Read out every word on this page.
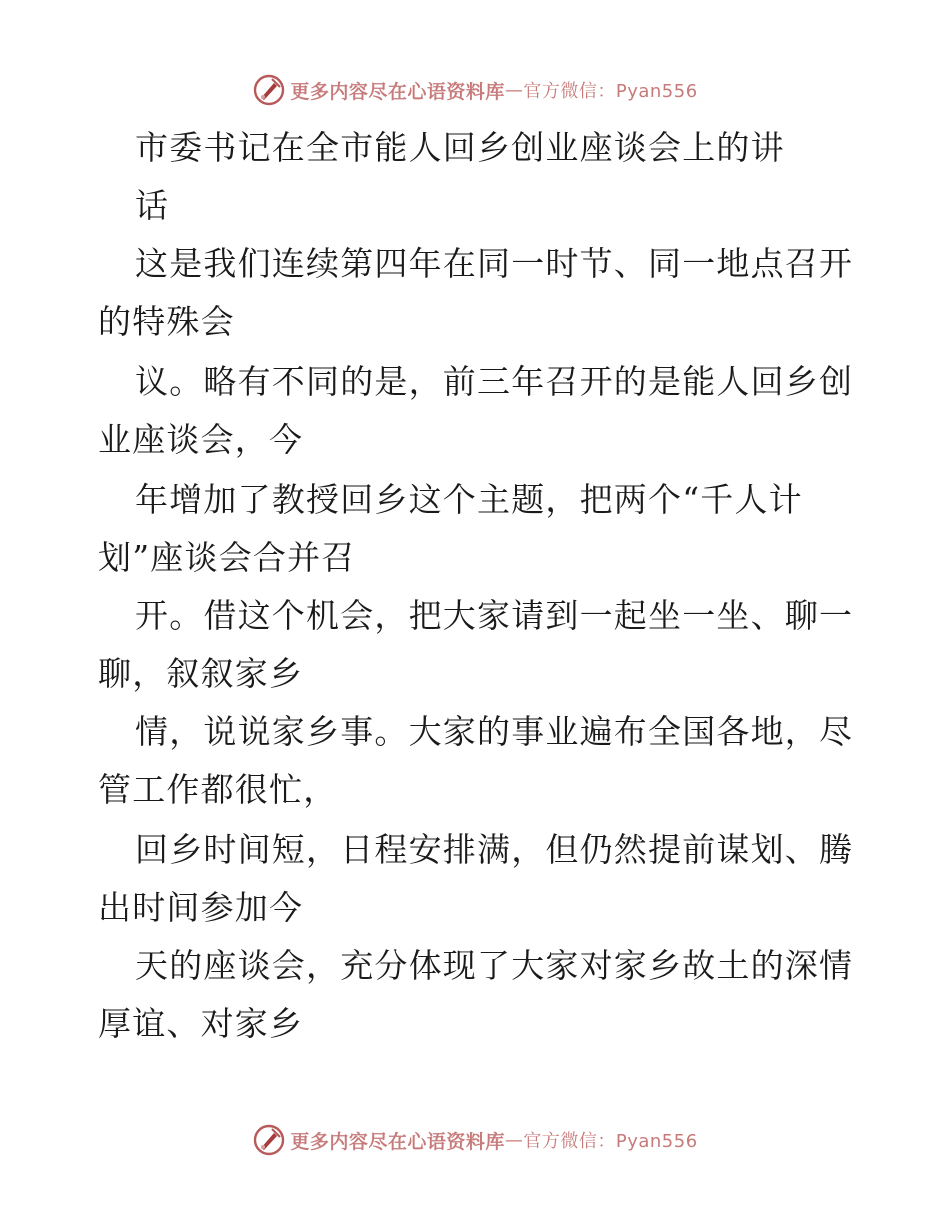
更多内容尽在心语资料库 — 官方微信：Pyan556
市委书记在全市能人回乡创业座谈会上的讲
话
这是我们连续第四年在同一时节、同一地点召开
的特殊会
议。略有不同的是，前三年召开的是能人回乡创
业座谈会，今
年增加了教授回乡这个主题，把两个“千人计
划”座谈会合并召
开。借这个机会，把大家请到一起坐一坐、聊一
聊，叙叙家乡
情，说说家乡事。大家的事业遍布全国各地，尽
管工作都很忙，
回乡时间短，日程安排满，但仍然提前谋划、腾
出时间参加今
天的座谈会，充分体现了大家对家乡故土的深情
厚谊、对家乡
更多内容尽在心语资料库 — 官方微信：Pyan556
